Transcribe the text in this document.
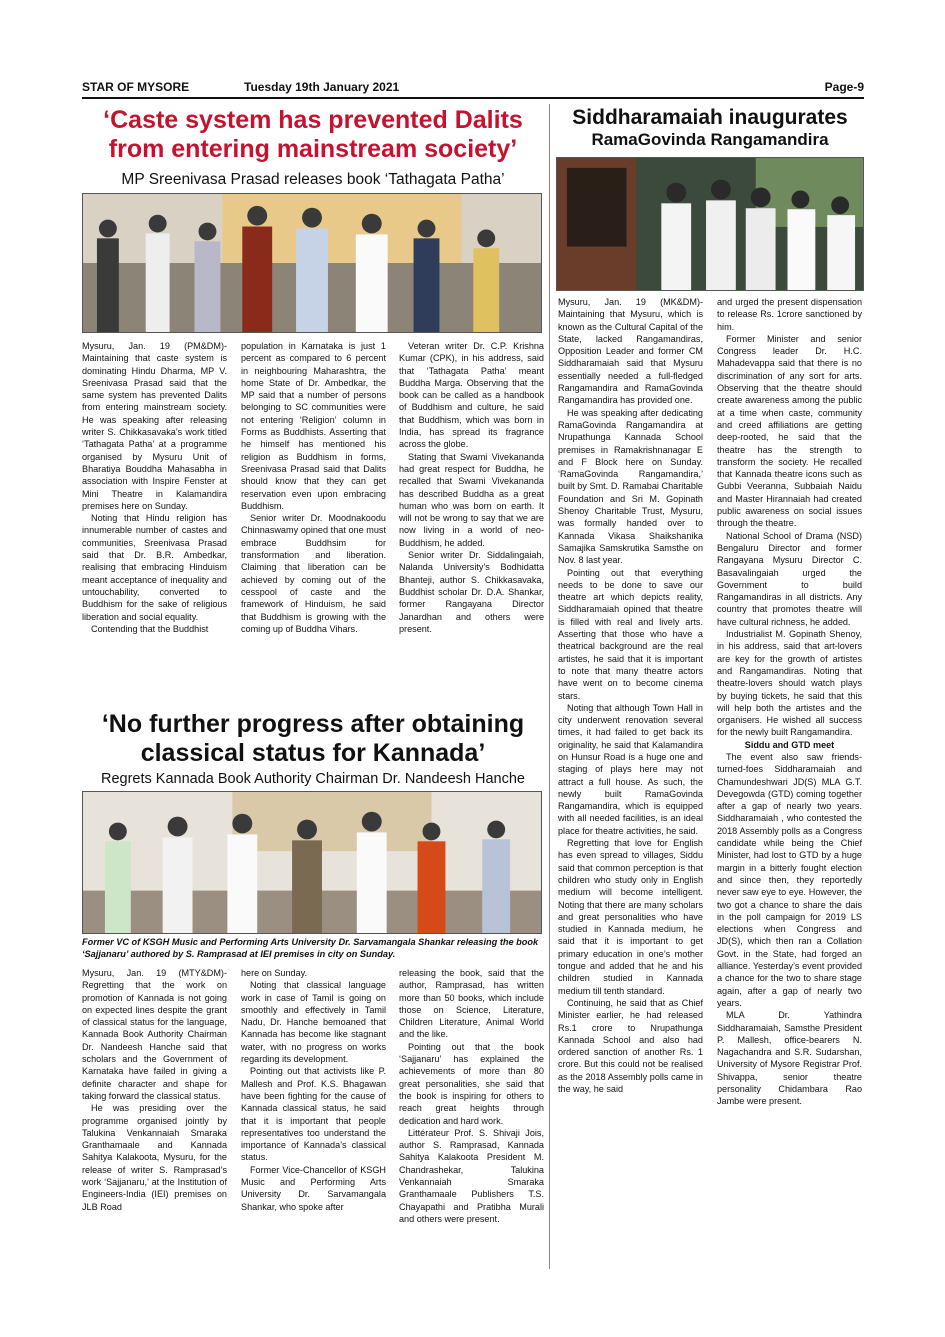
STAR OF MYSORE	Tuesday 19th January 2021	Page-9
‘Caste system has prevented Dalits
from entering mainstream society’
MP Sreenivasa Prasad releases book ‘Tathagata Patha’

Mysuru, Jan. 19 (PM&DM)- Maintaining that caste system is dominating Hindu Dharma, MP V. Sreenivasa Prasad said that the same system has prevented Dalits from entering mainstream society. He was speaking after releasing writer S. Chikkasavaka’s work titled ‘Tathagata Patha’ at a programme organised by Mysuru Unit of Bharatiya Bouddha Mahasabha in association with Inspire Fenster at Mini Theatre in Kalamandira premises here on Sunday.

Noting that Hindu religion has innumerable number of castes and communities, Sreenivasa Prasad said that Dr. B.R. Ambedkar, realising that embracing Hinduism meant acceptance of inequality and untouchability, converted to Buddhism for the sake of religious liberation and social equality.

Contending that the Buddhist

population in Karnataka is just 1 percent as compared to 6 percent in neighbouring Maharashtra, the home State of Dr. Ambedkar, the MP said that a number of persons belonging to SC communities were not entering ‘Religion’ column in Forms as Buddhists. Asserting that he himself has mentioned his religion as Buddhism in forms, Sreenivasa Prasad said that Dalits should know that they can get reservation even upon embracing Buddhism.

Senior writer Dr. Moodnakoodu Chinnaswamy opined that one must embrace Buddhsim for transformation and liberation. Claiming that liberation can be achieved by coming out of the cesspool of caste and the framework of Hinduism, he said that Buddhism is growing with the coming up of Buddha Vihars.

Veteran writer Dr. C.P. Krishna Kumar (CPK), in his address, said that ‘Tathagata Patha’ meant Buddha Marga. Observing that the book can be called as a handbook of Buddhism and culture, he said that Buddhism, which was born in India, has spread its fragrance across the globe.

Stating that Swami Vivekananda had great respect for Buddha, he recalled that Swami Vivekananda has described Buddha as a great human who was born on earth. It will not be wrong to say that we are now living in a world of neo-Buddhism, he added.

Senior writer Dr. Siddalingaiah, Nalanda University’s Bodhidatta Bhanteji, author S. Chikkasavaka, Buddhist scholar Dr. D.A. Shankar, former Rangayana Director Janardhan and others were present.

‘No further progress after obtaining
classical status for Kannada’
Regrets Kannada Book Authority Chairman Dr. Nandeesh Hanche
Former VC of KSGH Music and Performing Arts University Dr. Sarvamangala Shankar releasing the book ‘Sajjanaru’ authored by S. Ramprasad at IEI premises in city on Sunday.

Mysuru, Jan. 19 (MTY&DM)- Regretting that the work on promotion of Kannada is not going on expected lines despite the grant of classical status for the language, Kannada Book Authority Chairman Dr. Nandeesh Hanche said that scholars and the Government of Karnataka have failed in giving a definite character and shape for taking forward the classical status.

He was presiding over the programme organised jointly by Talukina Venkannaiah Smaraka Granthamaale and Kannada Sahitya Kalakoota, Mysuru, for the release of writer S. Ramprasad’s work ‘Sajjanaru,’ at the Institution of Engineers-India (IEI) premises on JLB Road

here on Sunday.

Noting that classical language work in case of Tamil is going on smoothly and effectively in Tamil Nadu, Dr. Hanche bemoaned that Kannada has become like stagnant water, with no progress on works regarding its development.

Pointing out that activists like P. Mallesh and Prof. K.S. Bhagawan have been fighting for the cause of Kannada classical status, he said that it is important that people representatives too understand the importance of Kannada’s classical status.

Former Vice-Chancellor of KSGH Music and Performing Arts University Dr. Sarvamangala Shankar, who spoke after

releasing the book, said that the author, Ramprasad, has written more than 50 books, which include those on Science, Literature, Children Literature, Animal World and the like.

Pointing out that the book ‘Sajjanaru’ has explained the achievements of more than 80 great personalities, she said that the book is inspiring for others to reach great heights through dedication and hard work.

Littérateur Prof. S. Shivaji Jois, author S. Ramprasad, Kannada Sahitya Kalakoota President M. Chandrashekar, Talukina Venkannaiah Smaraka Granthamaale Publishers T.S. Chayapathi and Pratibha Murali and others were present.

Siddharamaiah inaugurates
RamaGovinda Rangamandira

Mysuru, Jan. 19 (MK&DM)- Maintaining that Mysuru, which is known as the Cultural Capital of the State, lacked Rangamandiras, Opposition Leader and former CM Siddharamaiah said that Mysuru essentially needed a full-fledged Rangamandira and RamaGovinda Rangamandira has provided one.

He was speaking after dedicating RamaGovinda Rangamandira at Nrupathunga Kannada School premises in Ramakrishnanagar E and F Block here on Sunday. ‘RamaGovinda Rangamandira,’ built by Smt. D. Ramabai Charitable Foundation and Sri M. Gopinath Shenoy Charitable Trust, Mysuru, was formally handed over to Kannada Vikasa Shaikshanika Samajika Samskrutika Samsthe on Nov. 8 last year.

Pointing out that everything needs to be done to save our theatre art which depicts reality, Siddharamaiah opined that theatre is filled with real and lively arts. Asserting that those who have a theatrical background are the real artistes, he said that it is important to note that many theatre actors have went on to become cinema stars.

Noting that although Town Hall in city underwent renovation several times, it had failed to get back its originality, he said that Kalamandira on Hunsur Road is a huge one and staging of plays here may not attract a full house. As such, the newly built RamaGovinda Rangamandira, which is equipped with all needed facilities, is an ideal place for theatre activities, he said.

Regretting that love for English has even spread to villages, Siddu said that common perception is that children who study only in English medium will become intelligent. Noting that there are many scholars and great personalities who have studied in Kannada medium, he said that it is important to get primary education in one’s mother tongue and added that he and his children studied in Kannada medium till tenth standard.

Continuing, he said that as Chief Minister earlier, he had released Rs.1 crore to Nrupathunga Kannada School and also had ordered sanction of another Rs. 1 crore. But this could not be realised as the 2018 Assembly polls came in the way, he said

and urged the present dispensation to release Rs. 1crore sanctioned by him.

Former Minister and senior Congress leader Dr. H.C. Mahadevappa said that there is no discrimination of any sort for arts. Observing that the theatre should create awareness among the public at a time when caste, community and creed affiliations are getting deep-rooted, he said that the theatre has the strength to transform the society. He recalled that Kannada theatre icons such as Gubbi Veeranna, Subbaiah Naidu and Master Hirannaiah had created public awareness on social issues through the theatre.

National School of Drama (NSD) Bengaluru Director and former Rangayana Mysuru Director C. Basavalingaiah urged the Government to build Rangamandiras in all districts. Any country that promotes theatre will have cultural richness, he added.

Industrialist M. Gopinath Shenoy, in his address, said that art-lovers are key for the growth of artistes and Rangamandiras. Noting that theatre-lovers should watch plays by buying tickets, he said that this will help both the artistes and the organisers. He wished all success for the newly built Rangamandira.

Siddu and GTD meet

The event also saw friends-turned-foes Siddharamaiah and Chamundeshwari JD(S) MLA G.T. Devegowda (GTD) coming together after a gap of nearly two years. Siddharamaiah , who contested the 2018 Assembly polls as a Congress candidate while being the Chief Minister, had lost to GTD by a huge margin in a bitterly fought election and since then, they reportedly never saw eye to eye. However, the two got a chance to share the dais in the poll campaign for 2019 LS elections when Congress and JD(S), which then ran a Collation Govt. in the State, had forged an alliance. Yesterday’s event provided a chance for the two to share stage again, after a gap of nearly two years.

MLA Dr. Yathindra Siddharamaiah, Samsthe President P. Mallesh, office-bearers N. Nagachandra and S.R. Sudarshan, University of Mysore Registrar Prof. Shivappa, senior theatre personality Chidambara Rao Jambe were present.
